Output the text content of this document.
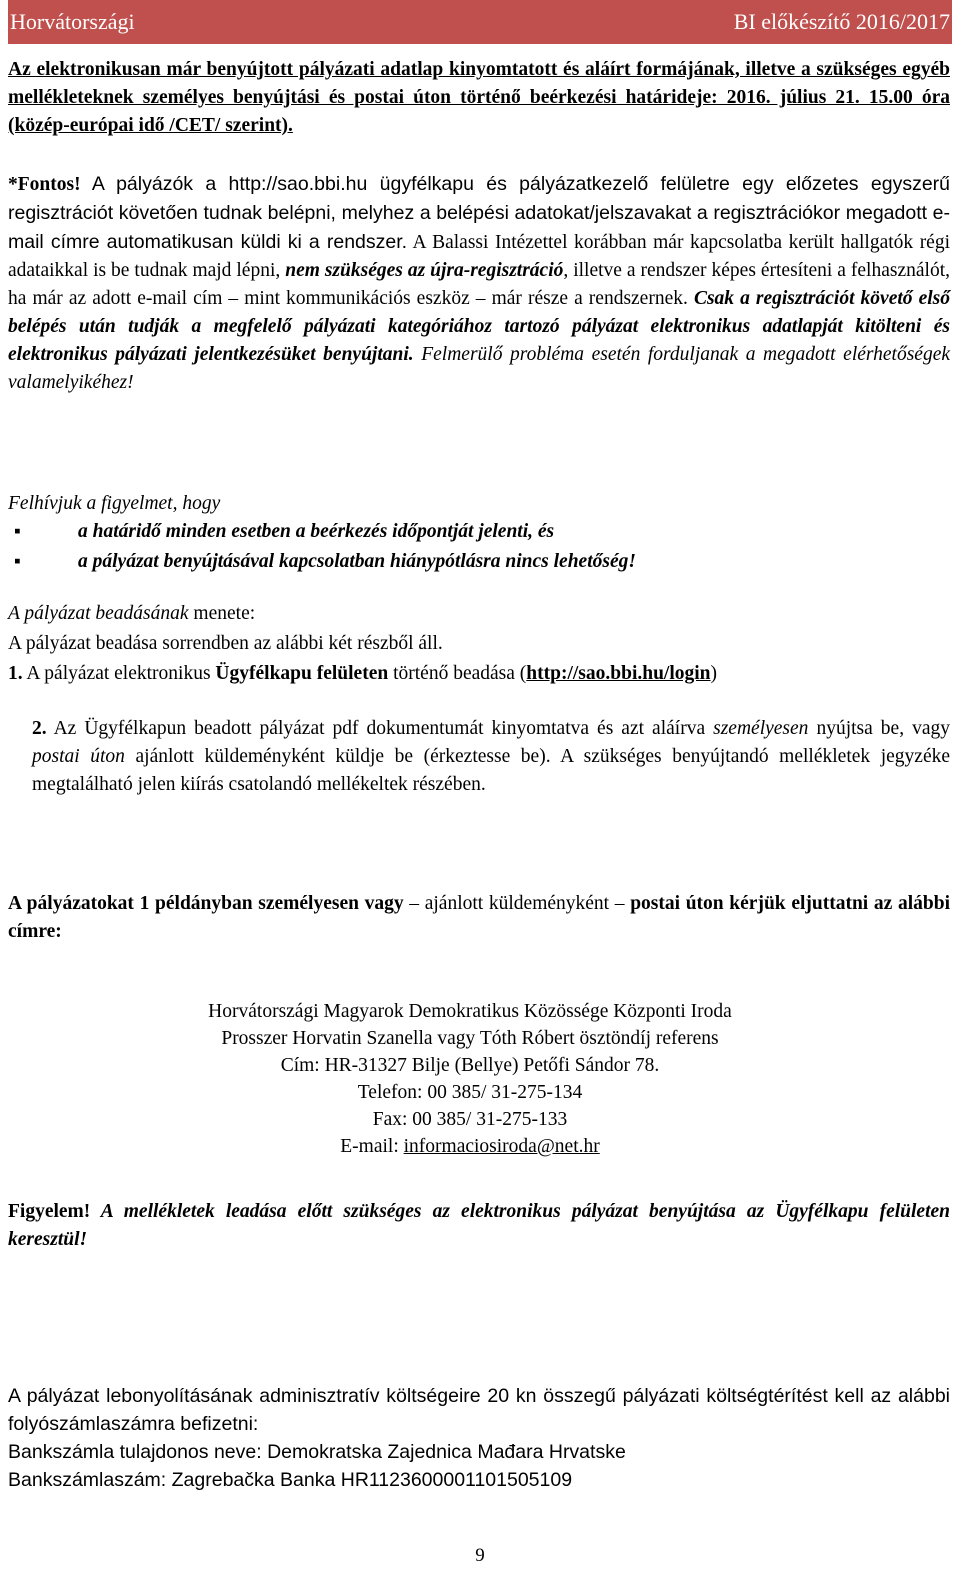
Horvátországi	BI előkészítő 2016/2017
Az elektronikusan már benyújtott pályázati adatlap kinyomtatott és aláírt formájának, illetve a szükséges egyéb mellékleteknek személyes benyújtási és postai úton történő beérkezési határideje: 2016. július 21. 15.00 óra (közép-európai idő /CET/ szerint).
*Fontos! A pályázók a http://sao.bbi.hu ügyfélkapu és pályázatkezelő felületre egy előzetes egyszerű regisztrációt követően tudnak belépni, melyhez a belépési adatokat/jelszavakat a regisztrációkor megadott e-mail címre automatikusan küldi ki a rendszer. A Balassi Intézettel korábban már kapcsolatba került hallgatók régi adataikkal is be tudnak majd lépni, nem szükséges az újra-regisztráció, illetve a rendszer képes értesíteni a felhasználót, ha már az adott e-mail cím – mint kommunikációs eszköz – már része a rendszernek. Csak a regisztrációt követő első belépés után tudják a megfelelő pályázati kategóriához tartozó pályázat elektronikus adatlapját kitölteni és elektronikus pályázati jelentkezésüket benyújtani. Felmerülő probléma esetén forduljanak a megadott elérhetőségek valamelyikéhez!
Felhívjuk a figyelmet, hogy
▪	a határidő minden esetben a beérkezés időpontját jelenti, és
▪	a pályázat benyújtásával kapcsolatban hiánypótlásra nincs lehetőség!
A pályázat beadásának menete:
A pályázat beadása sorrendben az alábbi két részből áll.
1. A pályázat elektronikus Ügyfélkapu felületen történő beadása (http://sao.bbi.hu/login)
2. Az Ügyfélkapun beadott pályázat pdf dokumentumát kinyomtatva és azt aláírva személyesen nyújtsa be, vagy postai úton ajánlott küldeményként küldje be (érkeztesse be). A szükséges benyújtandó mellékletek jegyzéke megtalálható jelen kiírás csatolandó mellékeltek részében.
A pályázatokat 1 példányban személyesen vagy – ajánlott küldeményként – postai úton kérjük eljuttatni az alábbi címre:
Horvátországi Magyarok Demokratikus Közössége Központi Iroda
Prosszer Horvatin Szanella vagy Tóth Róbert ösztöndíj referens
Cím: HR-31327 Bilje (Bellye) Petőfi Sándor 78.
Telefon: 00 385/ 31-275-134
Fax: 00 385/ 31-275-133
E-mail: informaciosiroda@net.hr
Figyelem! A mellékletek leadása előtt szükséges az elektronikus pályázat benyújtása az Ügyfélkapu felületen keresztül!
A pályázat lebonyolításának adminisztratív költségeire 20 kn összegű pályázati költségtérítést kell az alábbi folyószámlaszámra befizetni:
Bankszámla tulajdonos neve: Demokratska Zajednica Mađara Hrvatske
Bankszámlaszám: Zagrebačka Banka HR1123600001101505109
9
